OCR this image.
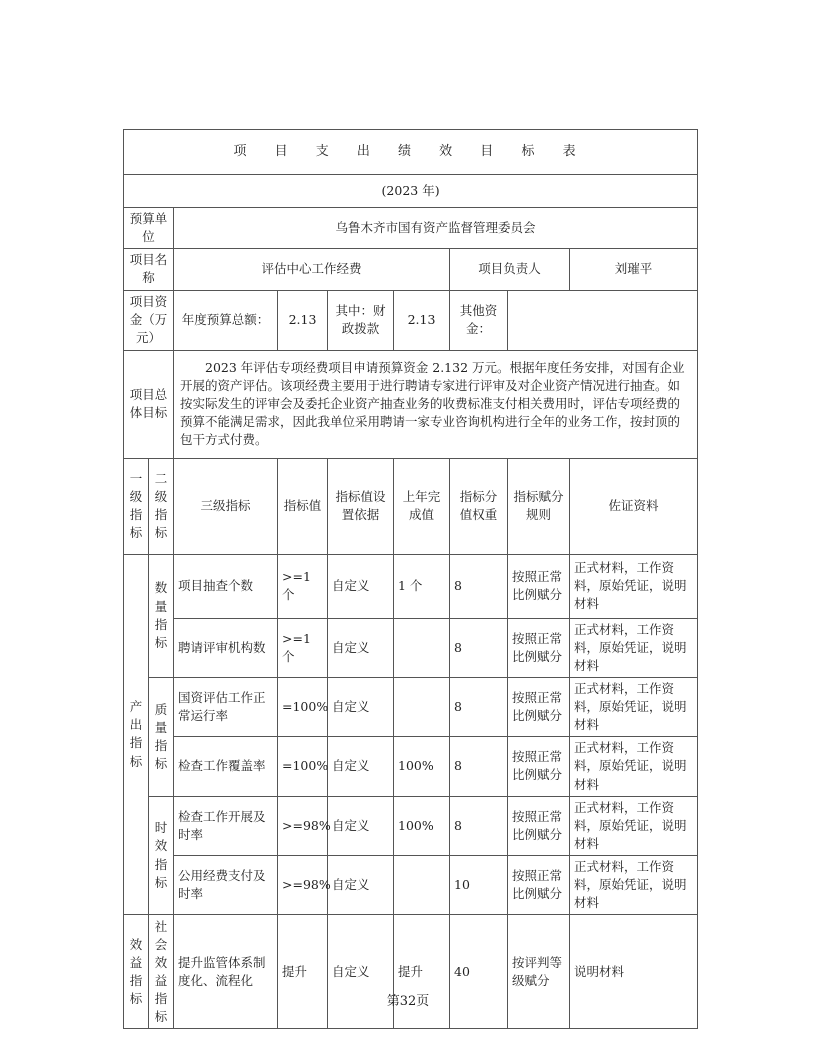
项 目 支 出 绩 效 目 标 表								
(2023 年)								
预算单位		乌鲁木齐市国有资产监督管理委员会						
项目名称		评估中心工作经费				项目负责人		刘璀平
项目资金（万元）		年度预算总额：	2.13	其中：财政拨款	2.13	其他资金：		
项目总体目标		2023 年评估专项经费项目申请预算资金 2.132 万元。根据年度任务安排，对国有企业开展的资产评估。该项经费主要用于进行聘请专家进行评审及对企业资产情况进行抽查。如按实际发生的评审会及委托企业资产抽查业务的收费标准支付相关费用时，评估专项经费的预算不能满足需求，因此我单位采用聘请一家专业咨询机构进行全年的业务工作，按封顶的包干方式付费。						
一级指标	二级指标	三级指标	指标值	指标值设置依据	上年完成值	指标分值权重	指标赋分规则	佐证资料
产出指标	数量指标	项目抽查个数	>=1 个	自定义	1 个	8	按照正常比例赋分	正式材料，工作资料，原始凭证，说明材料
		聘请评审机构数	>=1 个	自定义		8	按照正常比例赋分	正式材料，工作资料，原始凭证，说明材料
	质量指标	国资评估工作正常运行率	=100%	自定义		8	按照正常比例赋分	正式材料，工作资料，原始凭证，说明材料
		检查工作覆盖率	=100%	自定义	100%	8	按照正常比例赋分	正式材料，工作资料，原始凭证，说明材料
	时效指标	检查工作开展及时率	>=98%	自定义	100%	8	按照正常比例赋分	正式材料，工作资料，原始凭证，说明材料
		公用经费支付及时率	>=98%	自定义		10	按照正常比例赋分	正式材料，工作资料，原始凭证，说明材料
效益指标	社会效益指标	提升监管体系制度化、流程化	提升	自定义	提升	40	按评判等级赋分	说明材料
第32页
